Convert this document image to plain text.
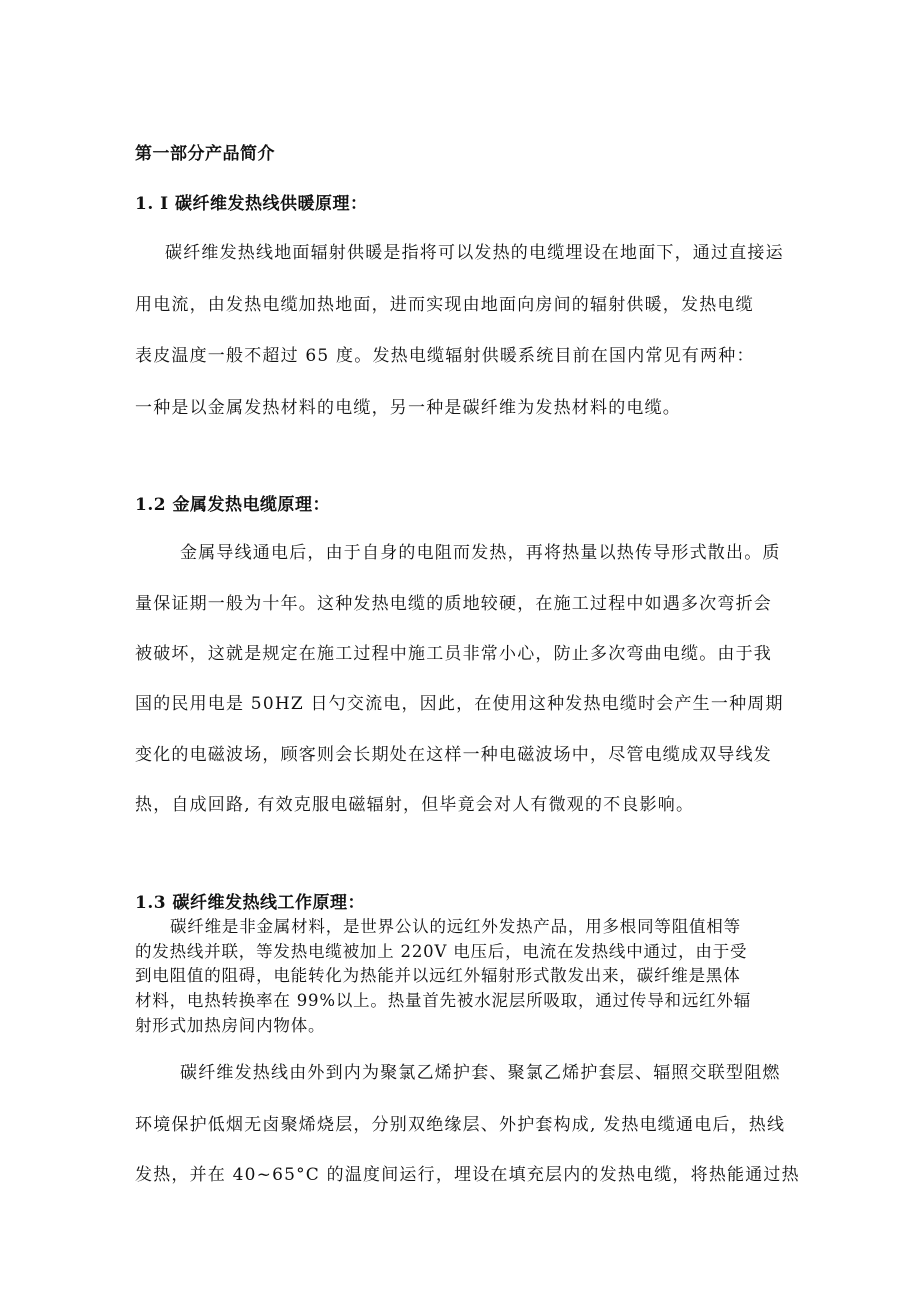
第一部分产品简介
1. I 碳纤维发热线供暖原理：
碳纤维发热线地面辐射供暖是指将可以发热的电缆埋设在地面下，通过直接运
用电流，由发热电缆加热地面，进而实现由地面向房间的辐射供暖，发热电缆
表皮温度一般不超过 65 度。发热电缆辐射供暖系统目前在国内常见有两种：
一种是以金属发热材料的电缆，另一种是碳纤维为发热材料的电缆。
1.2 金属发热电缆原理：
金属导线通电后，由于自身的电阻而发热，再将热量以热传导形式散出。质
量保证期一般为十年。这种发热电缆的质地较硬，在施工过程中如遇多次弯折会
被破坏，这就是规定在施工过程中施工员非常小心，防止多次弯曲电缆。由于我
国的民用电是 50HZ 日勺交流电，因此，在使用这种发热电缆时会产生一种周期
变化的电磁波场，顾客则会长期处在这样一种电磁波场中，尽管电缆成双导线发
热，自成回路, 有效克服电磁辐射，但毕竟会对人有微观的不良影响。
1.3 碳纤维发热线工作原理：
碳纤维是非金属材料，是世界公认的远红外发热产品，用多根同等阻值相等
的发热线并联，等发热电缆被加上 220V 电压后，电流在发热线中通过，由于受
到电阻值的阻碍，电能转化为热能并以远红外辐射形式散发出来，碳纤维是黑体
材料，电热转换率在 99%以上。热量首先被水泥层所吸取，通过传导和远红外辐
射形式加热房间内物体。
碳纤维发热线由外到内为聚氯乙烯护套、聚氯乙烯护套层、辐照交联型阻燃
环境保护低烟无卤聚烯烧层，分别双绝缘层、外护套构成, 发热电缆通电后，热线
发热，并在 40~65°C 的温度间运行，埋设在填充层内的发热电缆，将热能通过热
